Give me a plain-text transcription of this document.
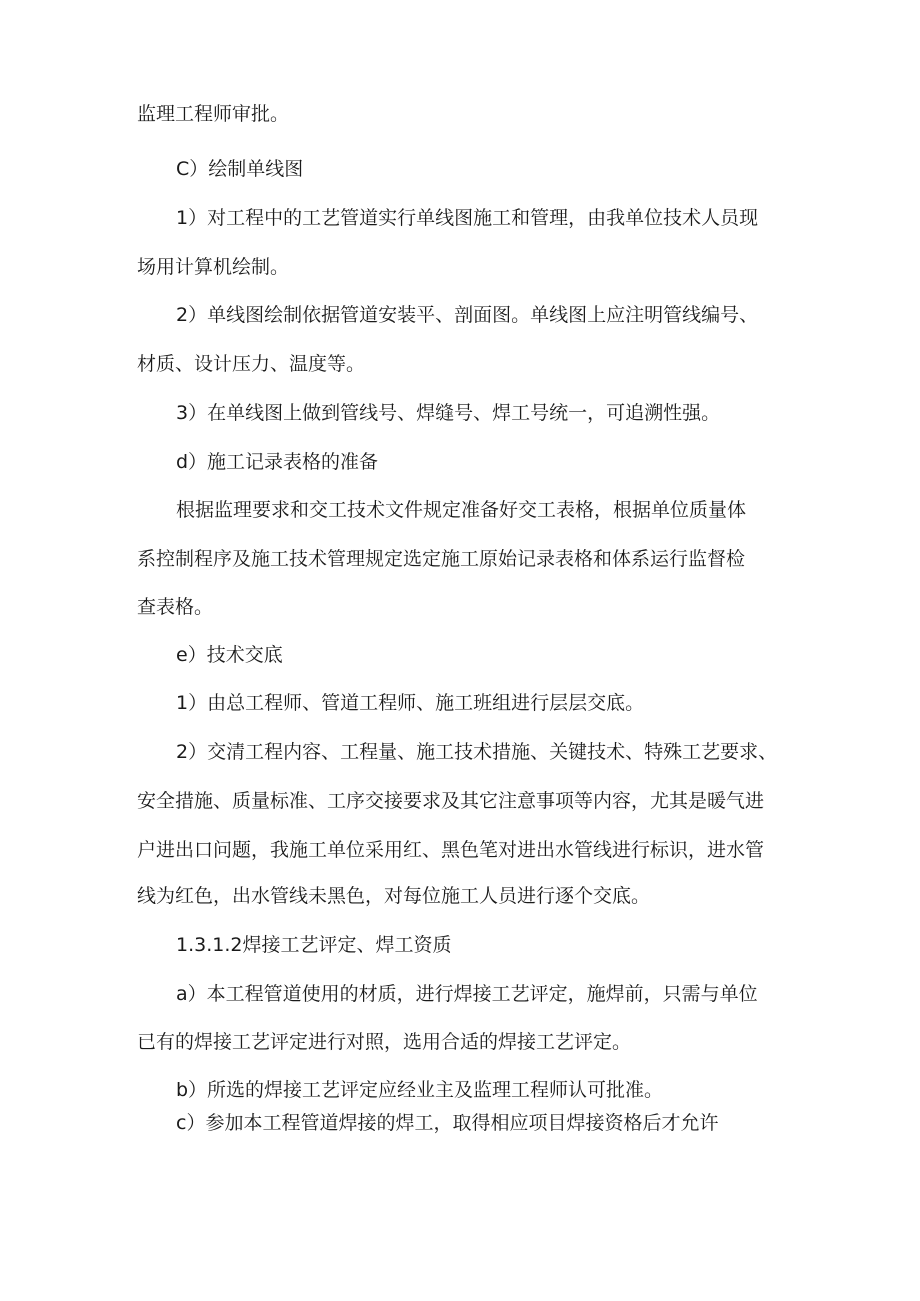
监理工程师审批。

C）绘制单线图

1）对工程中的工艺管道实行单线图施工和管理，由我单位技术人员现

场用计算机绘制。

2）单线图绘制依据管道安装平、剖面图。单线图上应注明管线编号、

材质、设计压力、温度等。

3）在单线图上做到管线号、焊缝号、焊工号统一，可追溯性强。

d）施工记录表格的准备

根据监理要求和交工技术文件规定准备好交工表格，根据单位质量体

系控制程序及施工技术管理规定选定施工原始记录表格和体系运行监督检

查表格。

e）技术交底

1）由总工程师、管道工程师、施工班组进行层层交底。

2）交清工程内容、工程量、施工技术措施、关键技术、特殊工艺要求、

安全措施、质量标准、工序交接要求及其它注意事项等内容，尤其是暖气进

户进出口问题，我施工单位采用红、黑色笔对进出水管线进行标识，进水管

线为红色，出水管线未黑色，对每位施工人员进行逐个交底。

1.3.1.2焊接工艺评定、焊工资质

a）本工程管道使用的材质，进行焊接工艺评定，施焊前，只需与单位

已有的焊接工艺评定进行对照，选用合适的焊接工艺评定。

b）所选的焊接工艺评定应经业主及监理工程师认可批准。

c）参加本工程管道焊接的焊工，取得相应项目焊接资格后才允许
